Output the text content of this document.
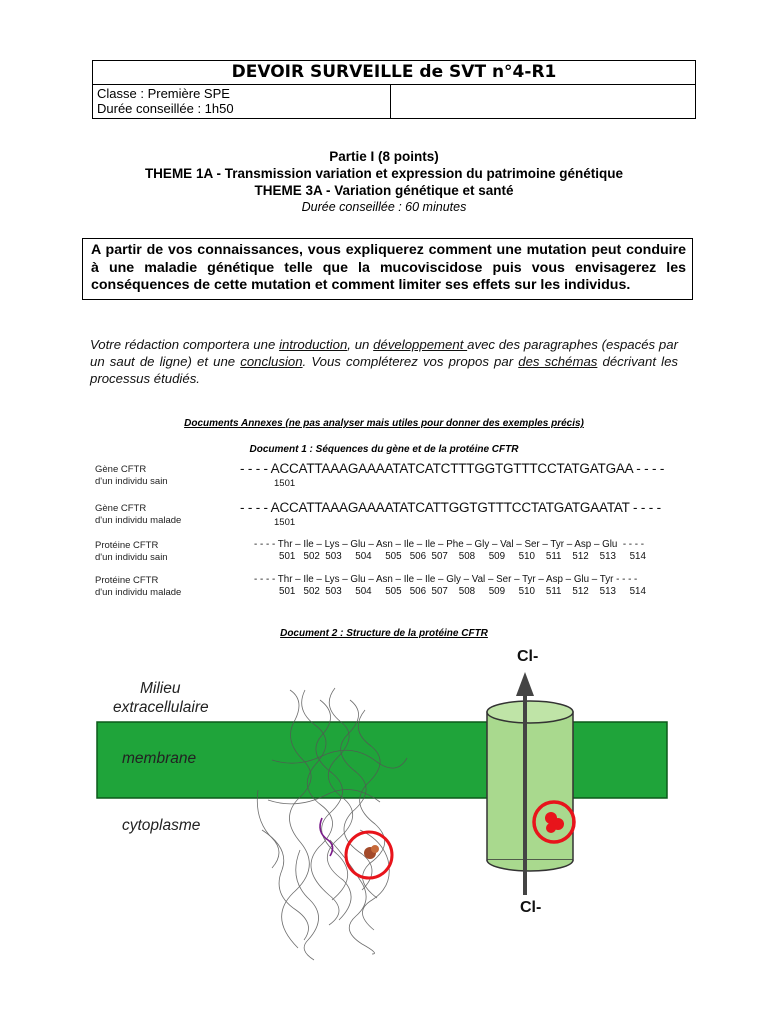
DEVOIR SURVEILLE de SVT n°4-R1
Classe : Première SPE
Durée conseillée : 1h50
Partie I (8 points)
THEME 1A - Transmission variation et expression du patrimoine génétique
THEME 3A - Variation génétique et santé
Durée conseillée : 60 minutes
A partir de vos connaissances, vous expliquerez comment une mutation peut conduire à une maladie génétique telle que la mucoviscidose puis vous envisagerez les conséquences de cette mutation et comment limiter ses effets sur les individus.
Votre rédaction comportera une introduction, un développement avec des paragraphes (espacés par un saut de ligne) et une conclusion. Vous compléterez vos propos par des schémas décrivant les processus étudiés.
Documents Annexes (ne pas analyser mais utiles pour donner des exemples précis)
Document 1 : Séquences du gène et de la protéine CFTR
Gène CFTR
d'un individu sain
- - - - ACCATTAAAGAAAATATCATCTTTGGTGTTTCCTATGATGAA - - - -
1501
Gène CFTR
d'un individu malade
- - - - ACCATTAAAGAAAATATCATTGGTGTTTCCTATGATGAATAT - - - -
1501
Protéine CFTR
d'un individu sain
- - - - Thr – Ile – Lys – Glu – Asn – Ile – Ile – Phe – Gly – Val – Ser – Tyr – Asp – Glu  - - - -
501   502  503     504     505   506  507    508     509     510    511    512    513     514
Protéine CFTR
d'un individu malade
- - - - Thr – Ile – Lys – Glu – Asn – Ile – Ile – Gly – Val – Ser – Tyr – Asp – Glu – Tyr - - - -
501   502  503     504     505   506  507    508     509     510    511    512    513     514
Document 2 : Structure de la protéine CFTR
Milieu
extracellulaire
membrane
cytoplasme
Cl-
Cl-
